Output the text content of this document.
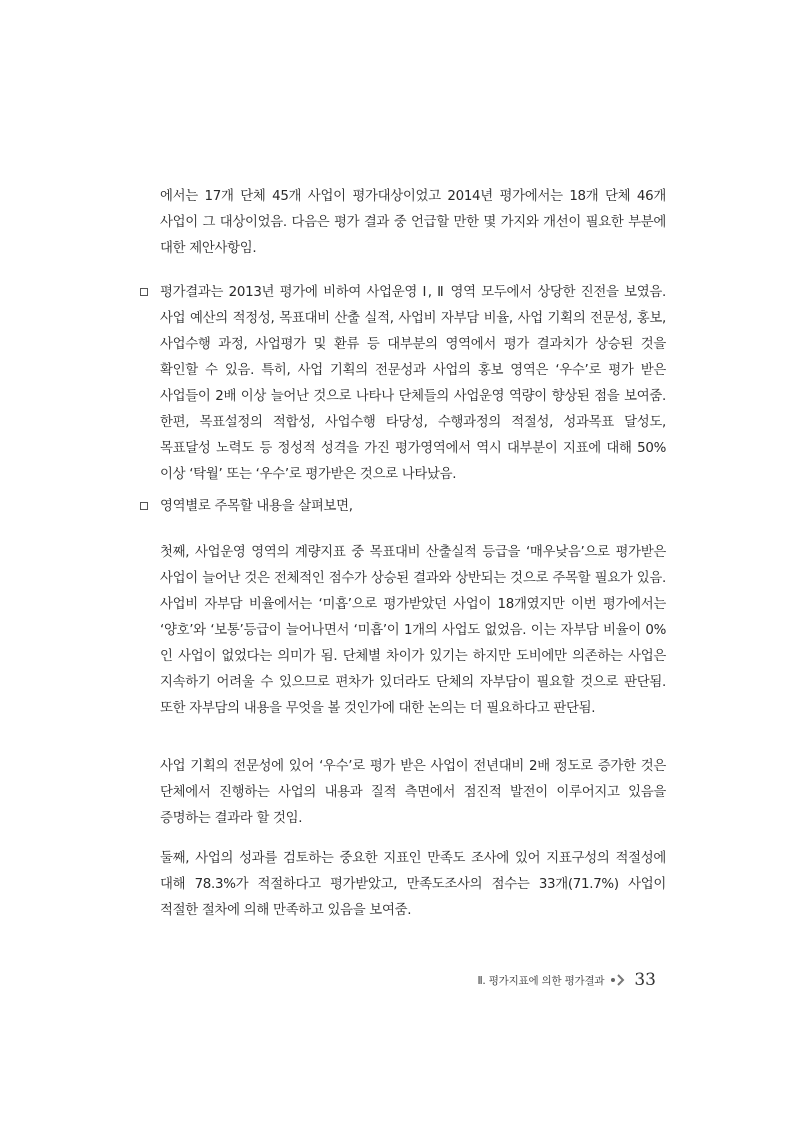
에서는 17개 단체 45개 사업이 평가대상이었고 2014년 평가에서는 18개 단체 46개 사업이 그 대상이었음. 다음은 평가 결과 중 언급할 만한 몇 가지와 개선이 필요한 부분에 대한 제안사항임.

평가결과는 2013년 평가에 비하여 사업운영 Ⅰ, Ⅱ 영역 모두에서 상당한 진전을 보였음. 사업 예산의 적정성, 목표대비 산출 실적, 사업비 자부담 비율, 사업 기획의 전문성, 홍보, 사업수행 과정, 사업평가 및 환류 등 대부분의 영역에서 평가 결과치가 상승된 것을 확인할 수 있음. 특히, 사업 기획의 전문성과 사업의 홍보 영역은 ‘우수’로 평가 받은 사업들이 2배 이상 늘어난 것으로 나타나 단체들의 사업운영 역량이 향상된 점을 보여줌. 한편, 목표설정의 적합성, 사업수행 타당성, 수행과정의 적절성, 성과목표 달성도, 목표달성 노력도 등 정성적 성격을 가진 평가영역에서 역시 대부분이 지표에 대해 50% 이상 ‘탁월’ 또는 ‘우수’로 평가받은 것으로 나타났음.

영역별로 주목할 내용을 살펴보면,

첫째, 사업운영 영역의 계량지표 중 목표대비 산출실적 등급을 ‘매우낮음’으로 평가받은 사업이 늘어난 것은 전체적인 점수가 상승된 결과와 상반되는 것으로 주목할 필요가 있음. 사업비 자부담 비율에서는 ‘미흡’으로 평가받았던 사업이 18개였지만 이번 평가에서는 ‘양호’와 ‘보통’등급이 늘어나면서 ‘미흡’이 1개의 사업도 없었음. 이는 자부담 비율이 0%인 사업이 없었다는 의미가 됨. 단체별 차이가 있기는 하지만 도비에만 의존하는 사업은 지속하기 어려울 수 있으므로 편차가 있더라도 단체의 자부담이 필요할 것으로 판단됨. 또한 자부담의 내용을 무엇을 볼 것인가에 대한 논의는 더 필요하다고 판단됨.

사업 기획의 전문성에 있어 ‘우수’로 평가 받은 사업이 전년대비 2배 정도로 증가한 것은 단체에서 진행하는 사업의 내용과 질적 측면에서 점진적 발전이 이루어지고 있음을 증명하는 결과라 할 것임.

둘째, 사업의 성과를 검토하는 중요한 지표인 만족도 조사에 있어 지표구성의 적절성에 대해 78.3%가 적절하다고 평가받았고, 만족도조사의 점수는 33개(71.7%) 사업이 적절한 절차에 의해 만족하고 있음을 보여줌.

Ⅱ. 평가지표에 의한 평가결과 33
